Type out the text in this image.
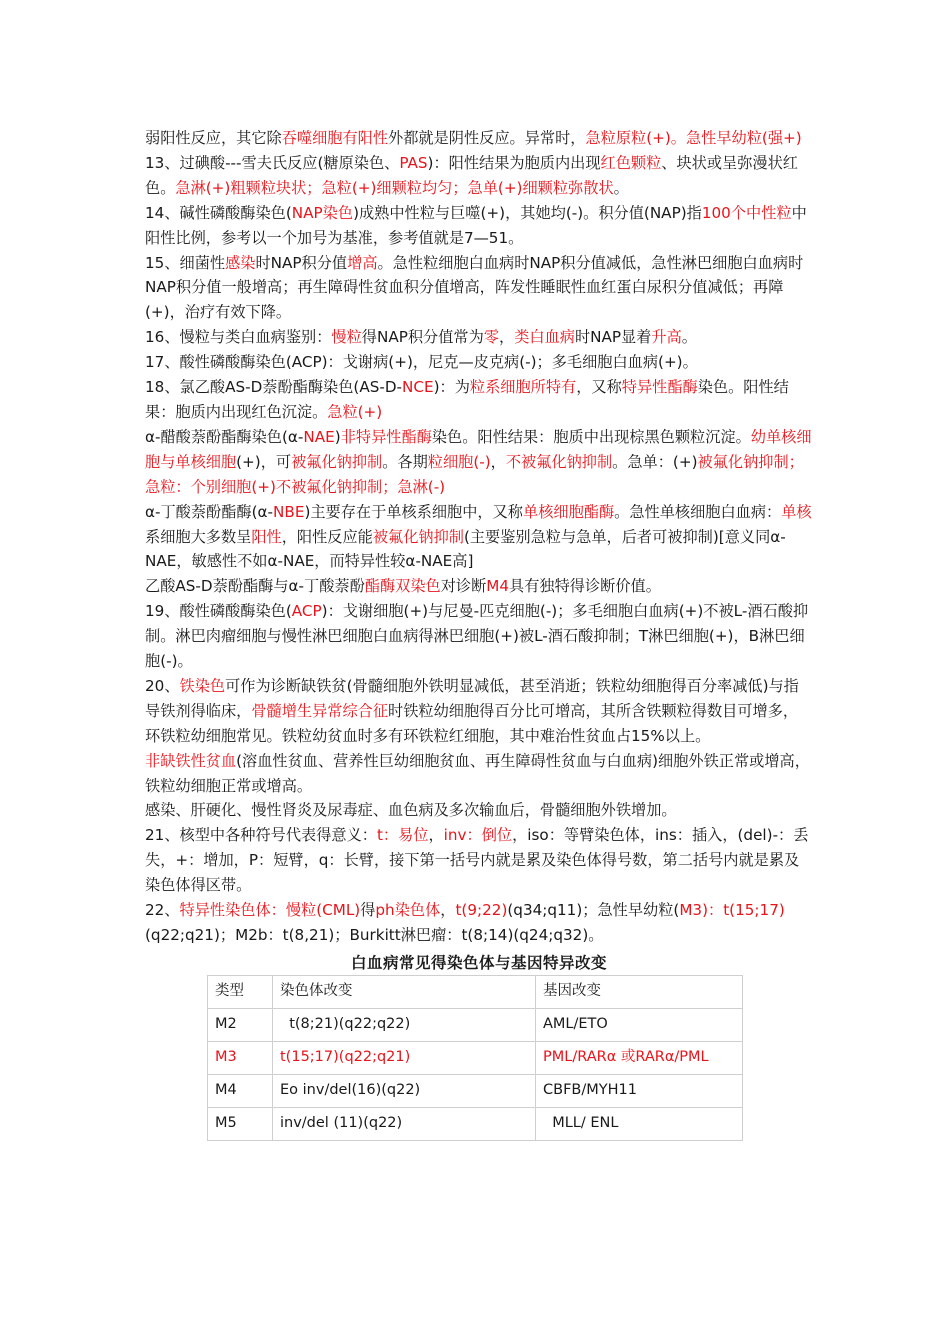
弱阳性反应，其它除吞噬细胞有阳性外都就是阴性反应。异常时，急粒原粒(+)。急性早幼粒(强+)

13、过碘酸---雪夫氏反应(糖原染色、PAS)：阳性结果为胞质内出现红色颗粒、块状或呈弥漫状红色。急淋(+)粗颗粒块状；急粒(+)细颗粒均匀；急单(+)细颗粒弥散状。

14、碱性磷酸酶染色(NAP染色)成熟中性粒与巨噬(+)，其她均(-)。积分值(NAP)指100个中性粒中阳性比例，参考以一个加号为基准，参考值就是7—51。

15、细菌性感染时NAP积分值增高。急性粒细胞白血病时NAP积分值减低，急性淋巴细胞白血病时NAP积分值一般增高；再生障碍性贫血积分值增高，阵发性睡眠性血红蛋白尿积分值减低；再障(+)，治疗有效下降。

16、慢粒与类白血病鉴别：慢粒得NAP积分值常为零，类白血病时NAP显着升高。

17、酸性磷酸酶染色(ACP)：戈谢病(+)，尼克—皮克病(-)；多毛细胞白血病(+)。

18、氯乙酸AS-D萘酚酯酶染色(AS-D-NCE)：为粒系细胞所特有，又称特异性酯酶染色。阳性结果：胞质内出现红色沉淀。急粒(+)

α-醋酸萘酚酯酶染色(α-NAE)非特异性酯酶染色。阳性结果：胞质中出现棕黑色颗粒沉淀。幼单核细胞与单核细胞(+)，可被氟化钠抑制。各期粒细胞(-)，不被氟化钠抑制。急单：(+)被氟化钠抑制；急粒：个别细胞(+)不被氟化钠抑制；急淋(-)

α-丁酸萘酚酯酶(α-NBE)主要存在于单核系细胞中，又称单核细胞酯酶。急性单核细胞白血病：单核系细胞大多数呈阳性，阳性反应能被氟化钠抑制(主要鉴别急粒与急单，后者可被抑制)[意义同α-NAE，敏感性不如α-NAE，而特异性较α-NAE高]

乙酸AS-D萘酚酯酶与α-丁酸萘酚酯酶双染色对诊断M4具有独特得诊断价值。

19、酸性磷酸酶染色(ACP)：戈谢细胞(+)与尼曼-匹克细胞(-)；多毛细胞白血病(+)不被L-酒石酸抑制。淋巴肉瘤细胞与慢性淋巴细胞白血病得淋巴细胞(+)被L-酒石酸抑制；T淋巴细胞(+)，B淋巴细胞(-)。

20、铁染色可作为诊断缺铁贫(骨髓细胞外铁明显减低，甚至消逝；铁粒幼细胞得百分率减低)与指导铁剂得临床，骨髓增生异常综合征时铁粒幼细胞得百分比可增高，其所含铁颗粒得数目可增多，环铁粒幼细胞常见。铁粒幼贫血时多有环铁粒红细胞，其中难治性贫血占15%以上。

非缺铁性贫血(溶血性贫血、营养性巨幼细胞贫血、再生障碍性贫血与白血病)细胞外铁正常或增高，铁粒幼细胞正常或增高。

感染、肝硬化、慢性肾炎及尿毒症、血色病及多次输血后，骨髓细胞外铁增加。

21、核型中各种符号代表得意义：t：易位，inv：倒位，iso：等臂染色体，ins：插入，(del)-：丢失，+：增加，P：短臂，q：长臂，接下第一括号内就是累及染色体得号数，第二括号内就是累及染色体得区带。

22、特异性染色体：慢粒(CML)得ph染色体，t(9;22)(q34;q11)；急性早幼粒(M3)：t(15;17)(q22;q21)；M2b：t(8,21)；Burkitt淋巴瘤：t(8;14)(q24;q32)。

白血病常见得染色体与基因特异改变
类型	染色体改变	基因改变
M2	t(8;21)(q22;q22)	AML/ETO
M3	t(15;17)(q22;q21)	PML/RARα 或RARα/PML
M4	Eo inv/del(16)(q22)	CBFB/MYH11
M5	inv/del (11)(q22)	MLL/ ENL
